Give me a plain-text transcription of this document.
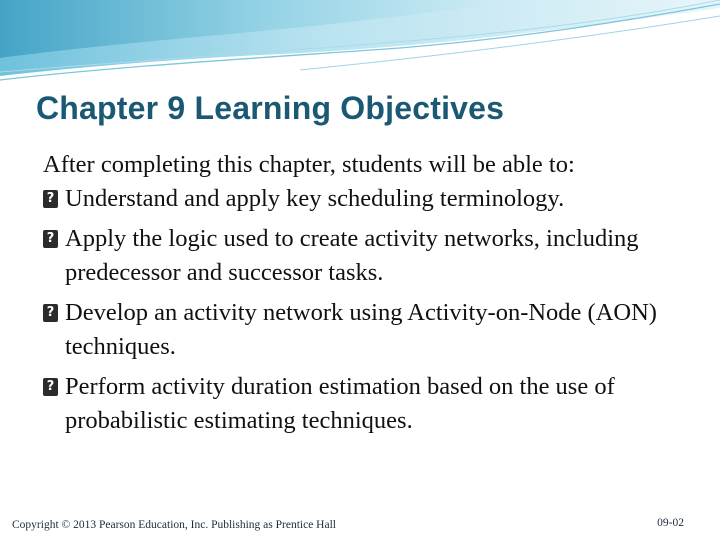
Chapter 9 Learning Objectives

After completing this chapter, students will be able to:

? Understand and apply key scheduling terminology.
? Apply the logic used to create activity networks, including predecessor and successor tasks.
? Develop an activity network using Activity-on-Node (AON) techniques.
? Perform activity duration estimation based on the use of probabilistic estimating techniques.
Copyright © 2013 Pearson Education, Inc. Publishing as Prentice Hall	09-02
